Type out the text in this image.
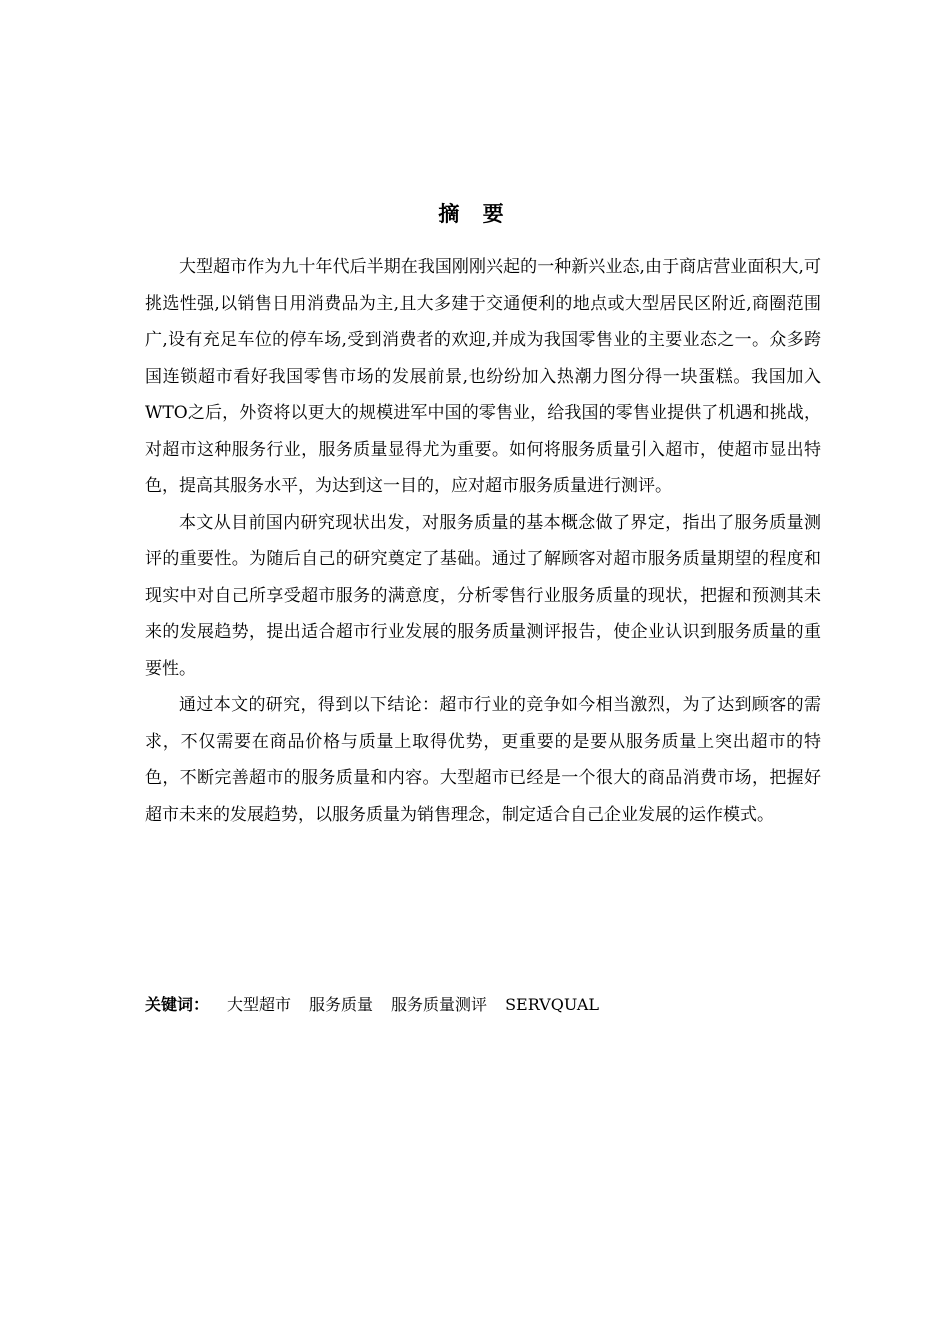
摘 要

大型超市作为九十年代后半期在我国刚刚兴起的一种新兴业态,由于商店营业面积大,可挑选性强,以销售日用消费品为主,且大多建于交通便利的地点或大型居民区附近,商圈范围广,设有充足车位的停车场,受到消费者的欢迎,并成为我国零售业的主要业态之一。众多跨国连锁超市看好我国零售市场的发展前景,也纷纷加入热潮力图分得一块蛋糕。我国加入WTO之后，外资将以更大的规模进军中国的零售业，给我国的零售业提供了机遇和挑战，对超市这种服务行业，服务质量显得尤为重要。如何将服务质量引入超市，使超市显出特色，提高其服务水平，为达到这一目的，应对超市服务质量进行测评。

本文从目前国内研究现状出发，对服务质量的基本概念做了界定，指出了服务质量测评的重要性。为随后自己的研究奠定了基础。通过了解顾客对超市服务质量期望的程度和现实中对自己所享受超市服务的满意度，分析零售行业服务质量的现状，把握和预测其未来的发展趋势，提出适合超市行业发展的服务质量测评报告，使企业认识到服务质量的重要性。

通过本文的研究，得到以下结论：超市行业的竞争如今相当激烈，为了达到顾客的需求，不仅需要在商品价格与质量上取得优势，更重要的是要从服务质量上突出超市的特色，不断完善超市的服务质量和内容。大型超市已经是一个很大的商品消费市场，把握好超市未来的发展趋势，以服务质量为销售理念，制定适合自己企业发展的运作模式。

关键词： 大型超市 服务质量 服务质量测评 SERVQUAL
